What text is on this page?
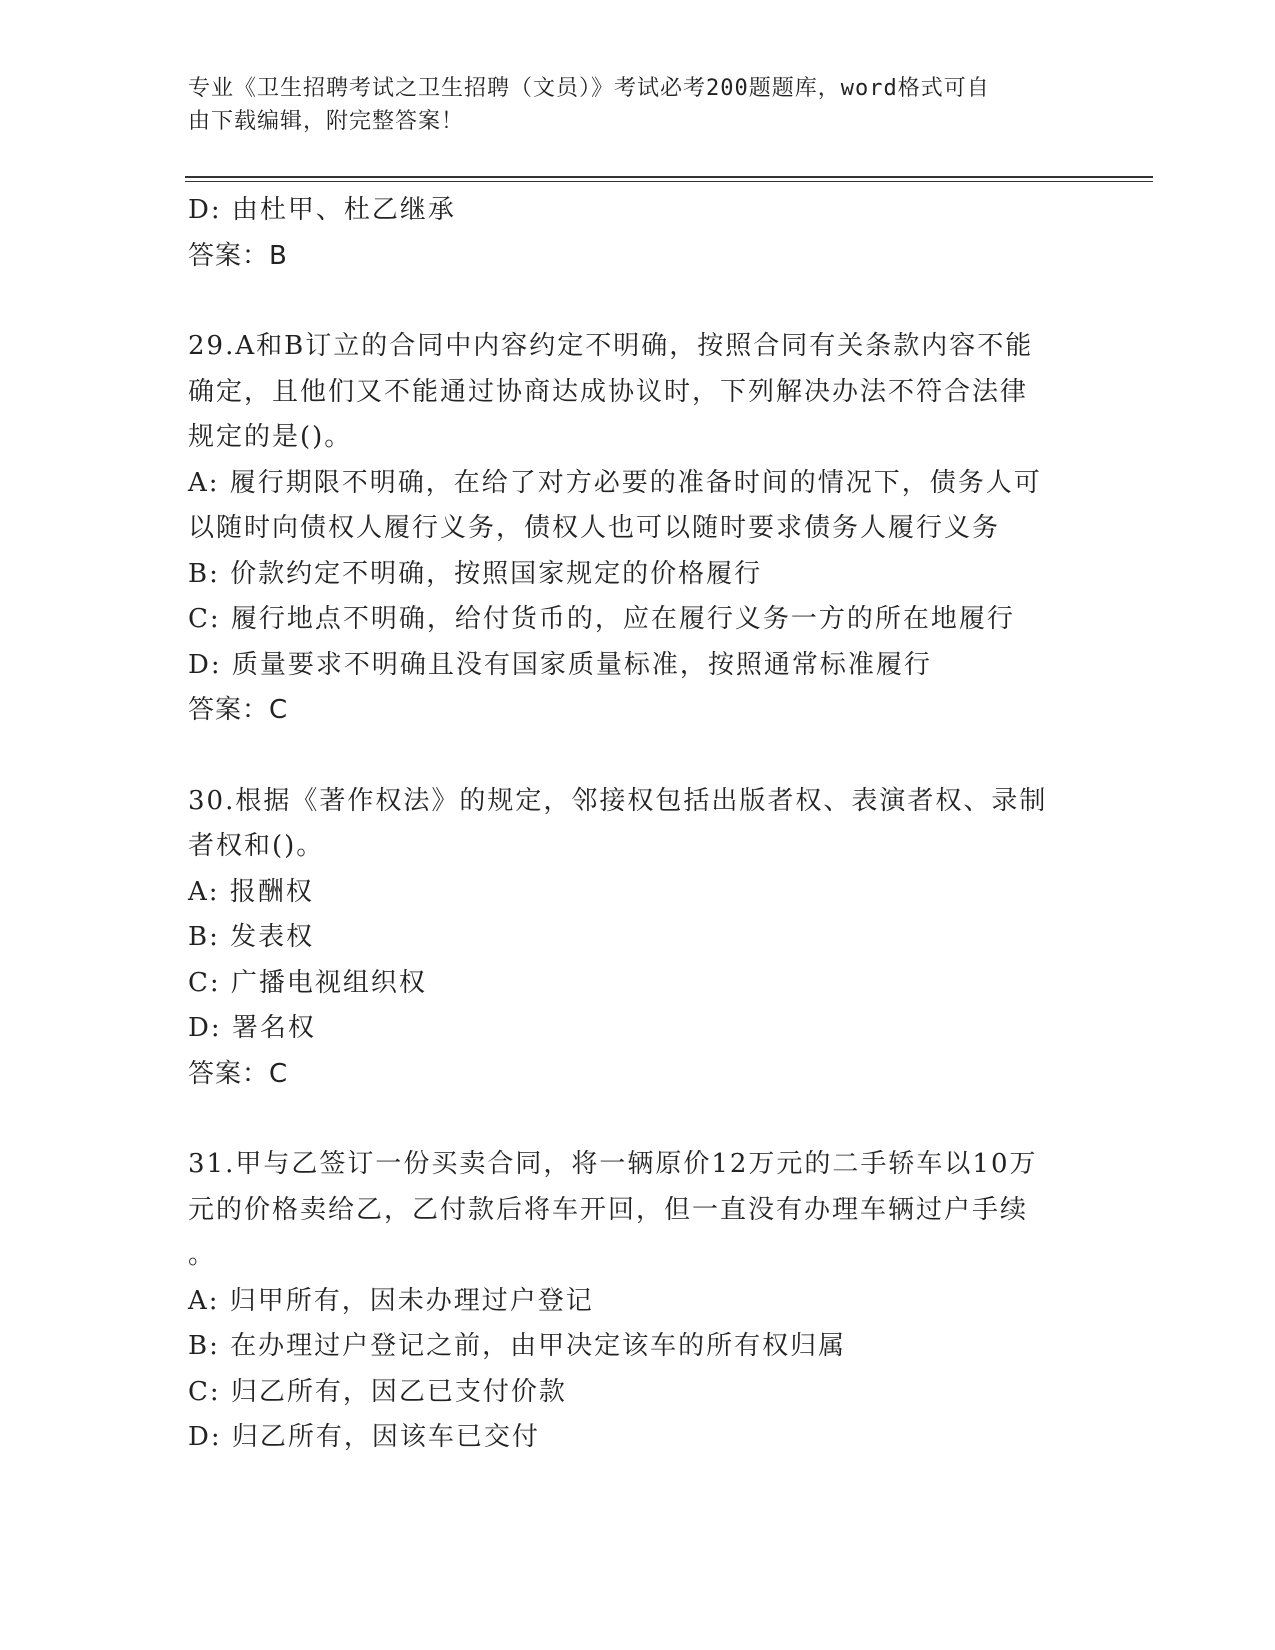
专业《卫生招聘考试之卫生招聘（文员）》考试必考200题题库，word格式可自
由下载编辑，附完整答案！
D: 由杜甲、杜乙继承
答案：B
29.A和B订立的合同中内容约定不明确，按照合同有关条款内容不能
确定，且他们又不能通过协商达成协议时，下列解决办法不符合法律
规定的是()。
A: 履行期限不明确，在给了对方必要的准备时间的情况下，债务人可
以随时向债权人履行义务，债权人也可以随时要求债务人履行义务
B: 价款约定不明确，按照国家规定的价格履行
C: 履行地点不明确，给付货币的，应在履行义务一方的所在地履行
D: 质量要求不明确且没有国家质量标准，按照通常标准履行
答案：C
30.根据《著作权法》的规定，邻接权包括出版者权、表演者权、录制
者权和()。
A: 报酬权
B: 发表权
C: 广播电视组织权
D: 署名权
答案：C
31.甲与乙签订一份买卖合同，将一辆原价12万元的二手轿车以10万
元的价格卖给乙，乙付款后将车开回，但一直没有办理车辆过户手续
。
A: 归甲所有，因未办理过户登记
B: 在办理过户登记之前，由甲决定该车的所有权归属
C: 归乙所有，因乙已支付价款
D: 归乙所有，因该车已交付
